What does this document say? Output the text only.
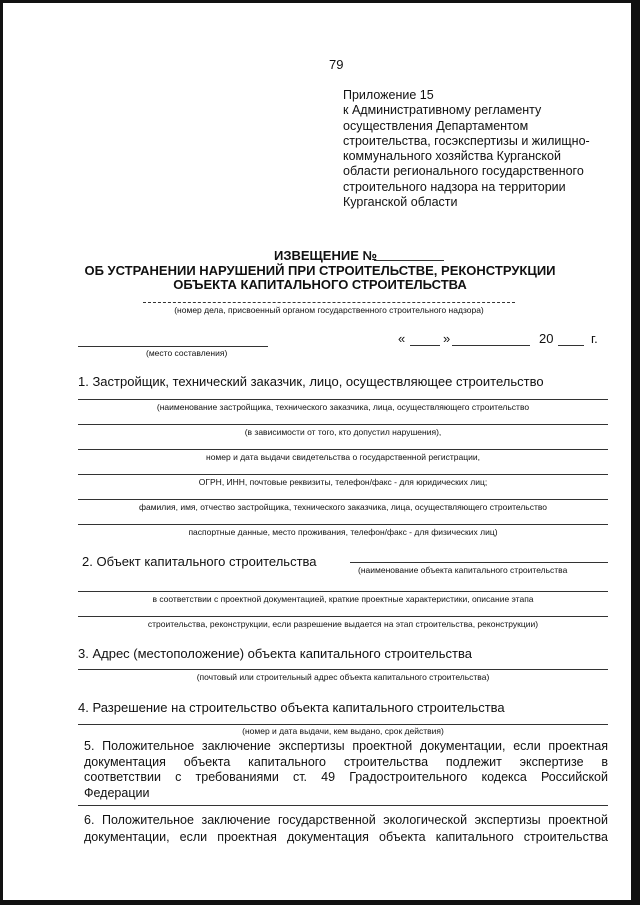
79
Приложение 15
к Административному регламенту
осуществления Департаментом
строительства, госэкспертизы и жилищно-
коммунального хозяйства Курганской
области регионального государственного
строительного надзора на территории
Курганской области
ИЗВЕЩЕНИЕ №
ОБ УСТРАНЕНИИ НАРУШЕНИЙ ПРИ СТРОИТЕЛЬСТВЕ, РЕКОНСТРУКЦИИ
ОБЪЕКТА КАПИТАЛЬНОГО СТРОИТЕЛЬСТВА
(номер дела, присвоенный органом государственного строительного надзора)
(место составления)
«	»	20	г.
1. Застройщик, технический заказчик, лицо, осуществляющее строительство
(наименование застройщика, технического заказчика, лица, осуществляющего строительство
(в зависимости от того, кто допустил нарушения),
номер и дата выдачи свидетельства о государственной регистрации,
ОГРН, ИНН, почтовые реквизиты, телефон/факс - для юридических лиц;
фамилия, имя, отчество застройщика, технического заказчика, лица, осуществляющего строительство
паспортные данные, место проживания, телефон/факс - для физических лиц)
2. Объект капитального строительства
(наименование объекта капитального строительства
в соответствии с проектной документацией, краткие проектные характеристики, описание этапа
строительства, реконструкции, если разрешение выдается на этап строительства, реконструкции)
3. Адрес (местоположение) объекта капитального строительства
(почтовый или строительный адрес объекта капитального строительства)
4. Разрешение на строительство объекта капитального строительства
(номер и дата выдачи, кем выдано, срок действия)
5. Положительное заключение экспертизы проектной документации, если проектная
документация объекта капитального строительства подлежит экспертизе в
соответствии с требованиями ст. 49 Градостроительного кодекса Российской
Федерации
6. Положительное заключение государственной экологической экспертизы проектной
документации, если проектная документация объекта капитального строительства
